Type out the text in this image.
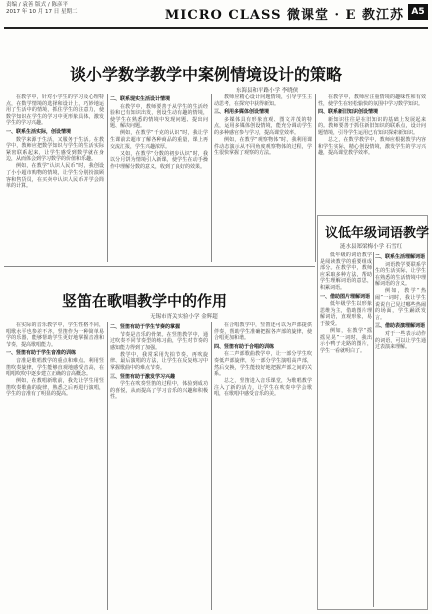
责编 / 袁善 版式 / 陈彦平
2017 年 10 月 17 日 星期二	MICRO CLASS 微课堂 · E 教江苏 A5
谈小学数学教学中案例情境设计的策略
东海县和平路小学 李晓侠

在教学中，针对小学生的学习及心理特点，在数学情境的选择和设计上，巧妙地运用了生活中的情境，抓住学生的注意力，使数学知识在学生的学习中更形象具体，激发学生的学习兴趣。

一、联系生活实际，创设情境

数学来源于生活，又服务于生活。在教学中，教师应把数学知识与学生的生活实际紧密联系起来，让学生感受到数学就在身边，从而体会到学习数学的价值和乐趣。

例如，在教学“认识人民币”时，我创设了小小超市购物的情境，让学生分别扮演顾客和售货员，在买卖中认识人民币并学会简单的计算。

二、联系现实生活设计情境

在教学中，教师要善于从学生的生活经验和已有知识出发，创设生动有趣的情境，使学生在熟悉的情境中发现问题、提出问题、解决问题。

例如，在教学“千克的认识”时，我让学生课前去超市了解各种商品的重量，课上再交流汇报，学生兴趣浓厚。

又如，在教学“分数的初步认识”时，我以分月饼为情境引入新课，使学生在动手操作中理解分数的意义，收到了良好的效果。

教师应精心设计问题情境，引导学生主动思考，在探究中获得新知。

三、利用多媒体创设情境

多媒体具有形象直观、图文并茂的特点，运用多媒体创设情境，能充分调动学生的多种感官参与学习，提高课堂效率。

例如，在教学“观察物体”时，我利用课件动态演示从不同角度观察物体的过程，学生很快掌握了观察的方法。

在教学中，教师应注重情境的趣味性和有效性，使学生在轻松愉快的氛围中学习数学知识。

四、联系新旧知识创设情境

新知识往往是在旧知识的基础上发展起来的。教师要善于抓住新旧知识的联系点，设计问题情境，引导学生运用已有知识探索新知识。

总之，在数学教学中，教师应根据教学内容和学生实际，精心创设情境，激发学生的学习兴趣，提高课堂教学效率。

议低年级词语教学
涟水县郑梁梅小学 石雪红

低年级的词语教学是阅读教学的重要组成部分。在教学中，教师应采取多种方法，帮助学生理解词语的意思，积累词语。

一、借助图片理解词语

低年级学生以形象思维为主，借助图片理解词语，直观形象，易于接受。

例如，在教学“摇摇晃晃”一词时，我出示小鸭子走路的图片，学生一看就明白了。

二、联系生活理解词语

词语教学要联系学生的生活实际，让学生在熟悉的生活情境中理解词语的含义。

例如，教学“热闹”一词时，我让学生说说自己见过哪些热闹的场面，学生踊跃发言。

三、借助表演理解词语

对于一些表示动作的词语，可以让学生通过表演来理解。

竖笛在歌唱教学中的作用
无锡市胥关实验小学 金辉超

在实际的音乐教学中，学生性格不同，唱歌水平也参差不齐。竖笛作为一种简单易学的乐器，能够帮助学生更好地掌握音准和节奏，提高歌唱能力。

一、竖笛有助于学生音准的训练

音准是歌唱教学的重点和难点。利用竖笛吹奏旋律，学生能够直观地感受音高，在唱唱吹吹中逐步建立正确的音高概念。

例如，在教唱新歌前，我先让学生用竖笛吹奏歌曲的旋律，熟悉之后再进行演唱，学生的音准有了明显的提高。

二、竖笛有助于学生节奏的掌握

节奏是音乐的骨架。在竖笛教学中，通过吹奏不同节奏型的练习曲，学生对节奏的感知能力得到了加强。

教学中，我常采用先拍节奏、再吹旋律、最后演唱的方法，让学生在反复练习中掌握歌曲中的难点节奏。

三、竖笛有助于激发学习兴趣

学生在吹奏竖笛的过程中，体验到成功的喜悦，从而提高了学习音乐的兴趣和积极性。

在合唱教学中，竖笛还可以为声部提供伴奏，帮助学生准确把握各声部的旋律，使合唱更加和谐。

四、竖笛有助于合唱的训练

在二声部歌曲教学中，让一部分学生吹奏低声部旋律，另一部分学生演唱高声部，然后交换，学生能较好地把握声部之间的关系。

总之，竖笛进入音乐课堂，为歌唱教学注入了新的活力，让学生在吹奏中学会歌唱，在歌唱中感受音乐的美。
